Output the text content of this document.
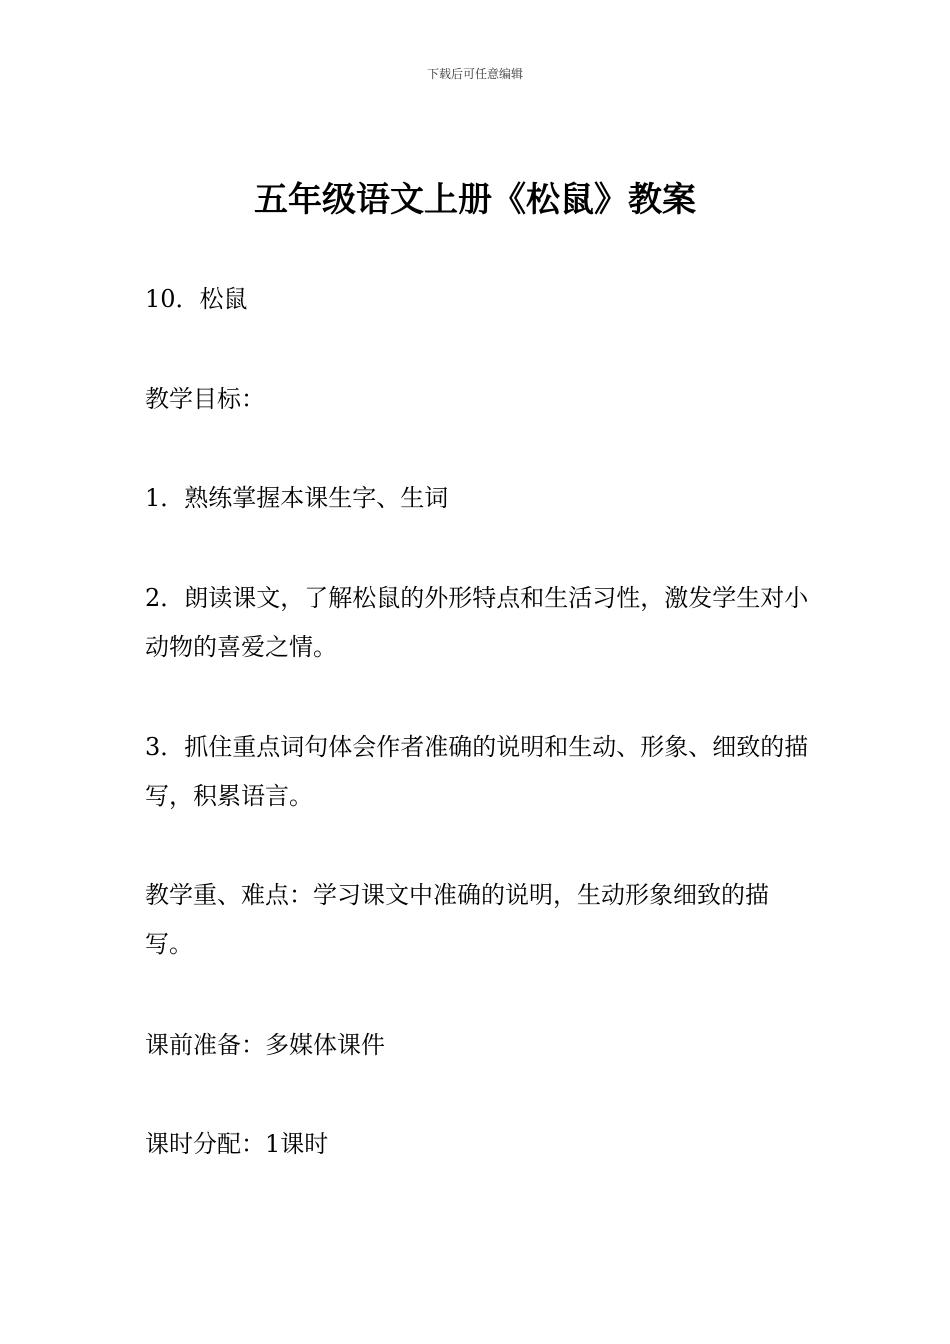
下载后可任意编辑
五年级语文上册《松鼠》教案

10．松鼠

教学目标：

1．熟练掌握本课生字、生词

2．朗读课文，了解松鼠的外形特点和生活习性，激发学生对小动物的喜爱之情。

3．抓住重点词句体会作者准确的说明和生动、形象、细致的描写，积累语言。

教学重、难点：学习课文中准确的说明，生动形象细致的描写。

课前准备：多媒体课件

课时分配：1课时
